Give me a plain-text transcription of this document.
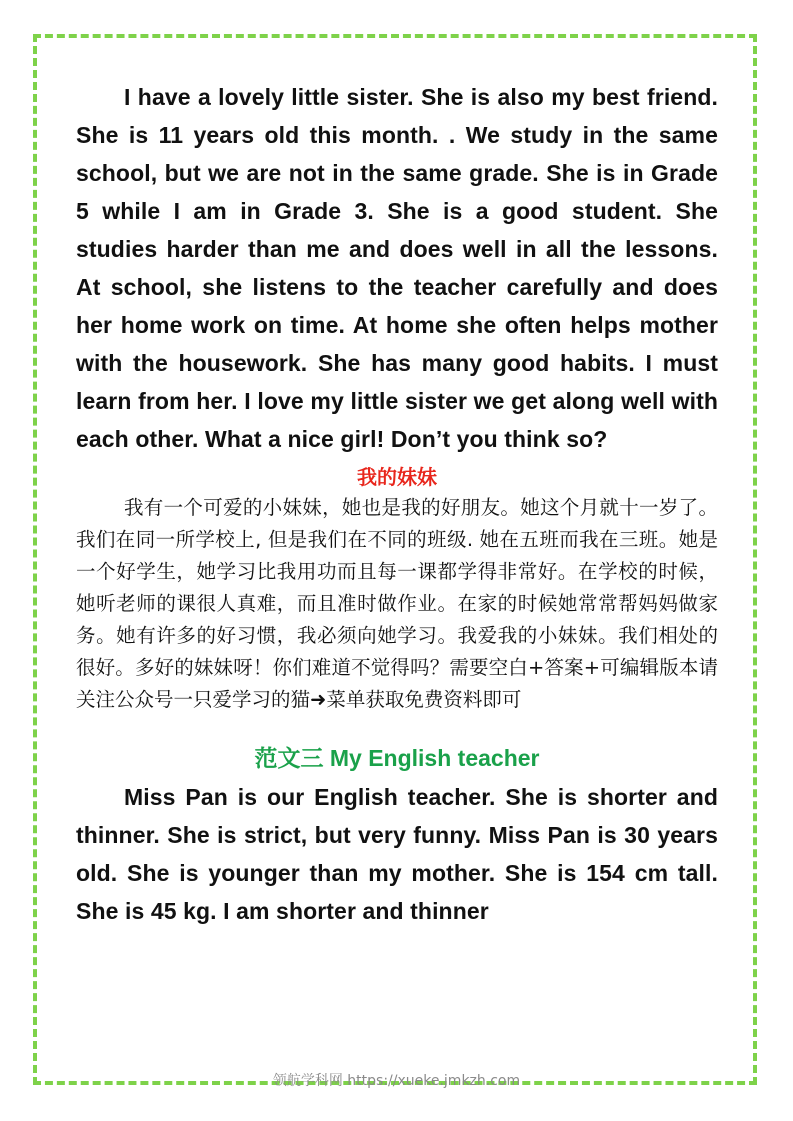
I have a lovely little sister. She is also my best friend. She is 11 years old this month. . We study in the same school, but we are not in the same grade. She is in Grade 5 while I am in Grade 3. She is a good student. She studies harder than me and does well in all the lessons. At school, she listens to the teacher carefully and does her home work on time. At home she often helps mother with the housework. She has many good habits. I must learn from her. I love my little sister we get along well with each other. What a nice girl! Don’t you think so?

我的妹妹

我有一个可爱的小妹妹，她也是我的好朋友。她这个月就十一岁了。我们在同一所学校上, 但是我们在不同的班级. 她在五班而我在三班。她是一个好学生，她学习比我用功而且每一课都学得非常好。在学校的时候，她听老师的课很人真难，而且准时做作业。在家的时候她常常帮妈妈做家务。她有许多的好习惯，我必须向她学习。我爱我的小妹妹。我们相处的很好。多好的妹妹呀！你们难道不觉得吗？需要空白+答案+可编辑版本请关注公众号一只爱学习的猫➜菜单获取免费资料即可

范文三 My English teacher

Miss Pan is our English teacher. She is shorter and thinner. She is strict, but very funny. Miss Pan is 30 years old. She is younger than my mother. She is 154 cm tall. She is 45 kg. I am shorter and thinner

领航学科网 https://xueke.jmkzh.com
